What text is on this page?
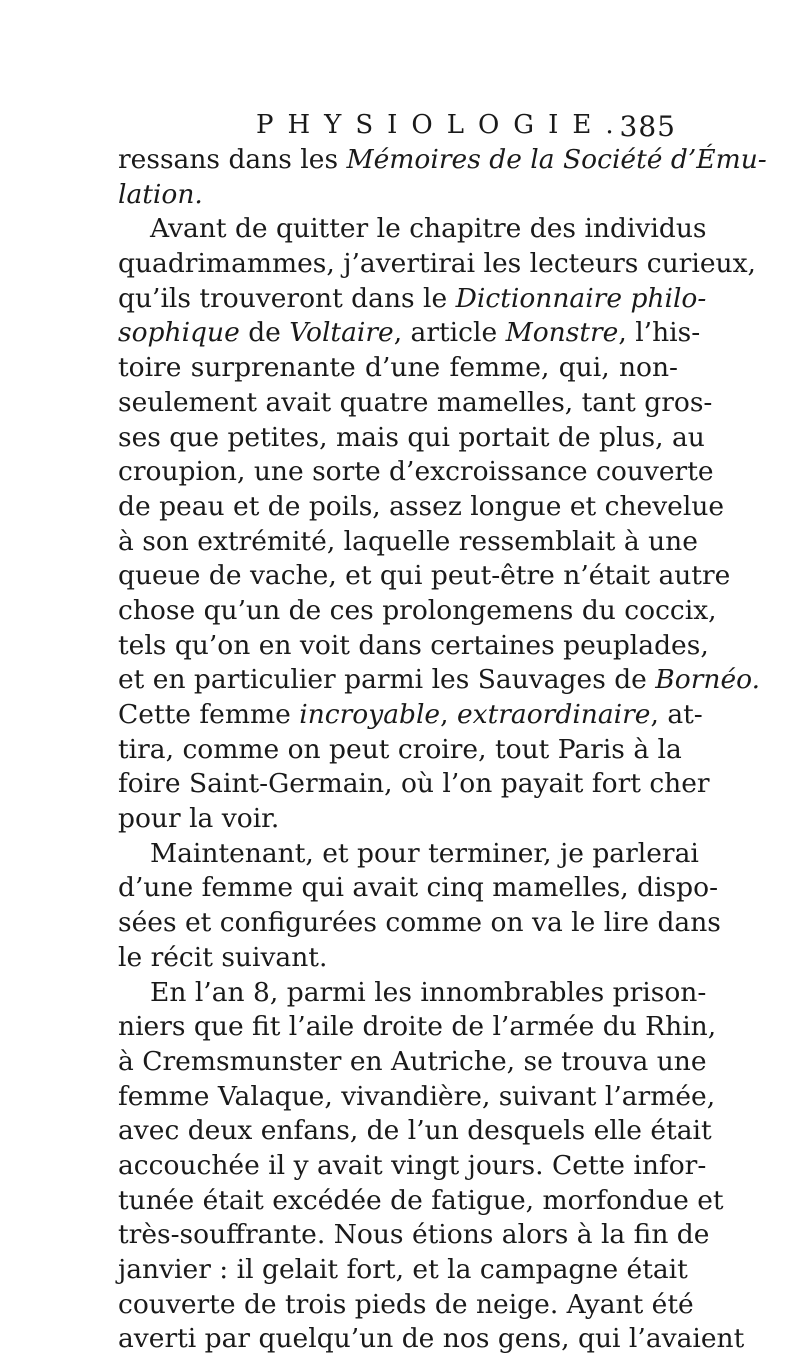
PHYSIOLOGIE.
385
ressans dans les Mémoires de la Société d’Ému-
lation.
Avant de quitter le chapitre des individus
quadrimammes, j’avertirai les lecteurs curieux,
qu’ils trouveront dans le Dictionnaire philo-
sophique de Voltaire, article Monstre, l’his-
toire surprenante d’une femme, qui, non-
seulement avait quatre mamelles, tant gros-
ses que petites, mais qui portait de plus, au
croupion, une sorte d’excroissance couverte
de peau et de poils, assez longue et chevelue
à son extrémité, laquelle ressemblait à une
queue de vache, et qui peut-être n’était autre
chose qu’un de ces prolongemens du coccix,
tels qu’on en voit dans certaines peuplades,
et en particulier parmi les Sauvages de Bornéo.
Cette femme incroyable, extraordinaire, at-
tira, comme on peut croire, tout Paris à la
foire Saint-Germain, où l’on payait fort cher
pour la voir.
Maintenant, et pour terminer, je parlerai
d’une femme qui avait cinq mamelles, dispo-
sées et configurées comme on va le lire dans
le récit suivant.
En l’an 8, parmi les innombrables prison-
niers que fit l’aile droite de l’armée du Rhin,
à Cremsmunster en Autriche, se trouva une
femme Valaque, vivandière, suivant l’armée,
avec deux enfans, de l’un desquels elle était
accouchée il y avait vingt jours. Cette infor-
tunée était excédée de fatigue, morfondue et
très-souffrante. Nous étions alors à la fin de
janvier : il gelait fort, et la campagne était
couverte de trois pieds de neige. Ayant été
averti par quelqu’un de nos gens, qui l’avaient
